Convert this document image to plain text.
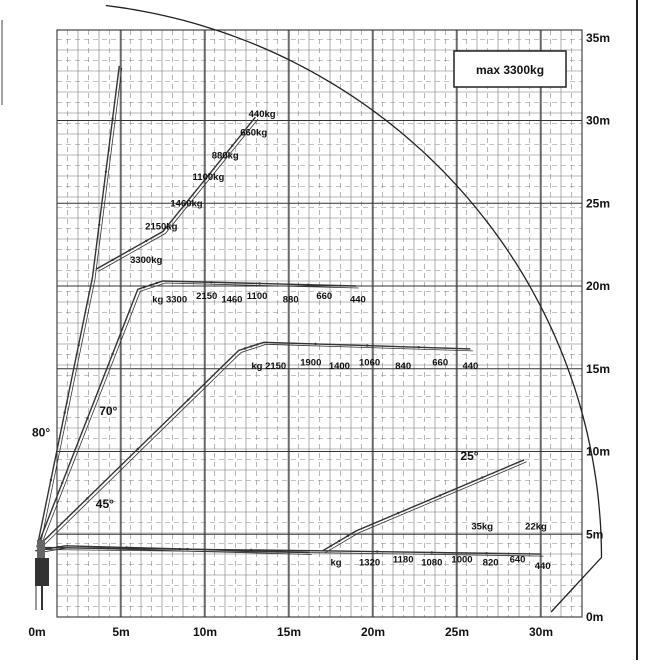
max 3300kg
0m	5m	10m	15m	20m	25m	30m
0m
5m
10m
15m
20m
25m
30m
35m
80°
70°
45°
25°
440kg
660kg
880kg
1100kg
1460kg
2150kg
3300kg
kg 3300 2150 1460 1100 880 660 440
kg 2150 1900 1400 1060 840 660 440
kg 1320 1180 1080 1000 820 640
440
35kg	22kg
